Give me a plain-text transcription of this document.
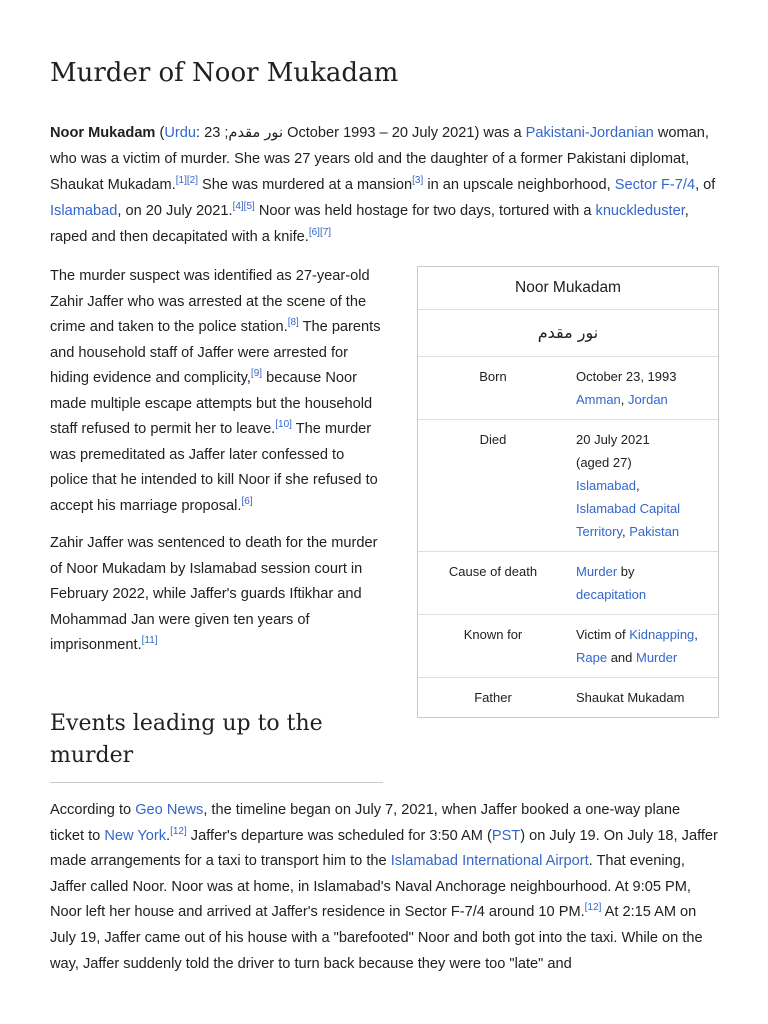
Murder of Noor Mukadam

Noor Mukadam (Urdu: نور مقدم; 23 October 1993 – 20 July 2021) was a Pakistani-Jordanian woman, who was a victim of murder. She was 27 years old and the daughter of a former Pakistani diplomat, Shaukat Mukadam.[1][2] She was murdered at a mansion[3] in an upscale neighborhood, Sector F-7/4, of Islamabad, on 20 July 2021.[4][5] Noor was held hostage for two days, tortured with a knuckleduster, raped and then decapitated with a knife.[6][7]

The murder suspect was identified as 27-year-old Zahir Jaffer who was arrested at the scene of the crime and taken to the police station.[8] The parents and household staff of Jaffer were arrested for hiding evidence and complicity,[9] because Noor made multiple escape attempts but the household staff refused to permit her to leave.[10] The murder was premeditated as Jaffer later confessed to police that he intended to kill Noor if she refused to accept his marriage proposal.[6]

Zahir Jaffer was sentenced to death for the murder of Noor Mukadam by Islamabad session court in February 2022, while Jaffer's guards Iftikhar and Mohammad Jan were given ten years of imprisonment.[11]

Noor Mukadam
نور مقدم
Born	October 23, 1993
Amman, Jordan
Died	20 July 2021
(aged 27)
Islamabad,
Islamabad Capital Territory, Pakistan
Cause of death	Murder by
decapitation
Known for	Victim of Kidnapping,
Rape and Murder
Father	Shaukat Mukadam
Events leading up to the murder

According to Geo News, the timeline began on July 7, 2021, when Jaffer booked a one-way plane ticket to New York.[12] Jaffer's departure was scheduled for 3:50 AM (PST) on July 19. On July 18, Jaffer made arrangements for a taxi to transport him to the Islamabad International Airport. That evening, Jaffer called Noor. Noor was at home, in Islamabad's Naval Anchorage neighbourhood. At 9:05 PM, Noor left her house and arrived at Jaffer's residence in Sector F-7/4 around 10 PM.[12] At 2:15 AM on July 19, Jaffer came out of his house with a "barefooted" Noor and both got into the taxi. While on the way, Jaffer suddenly told the driver to turn back because they were too "late" and
